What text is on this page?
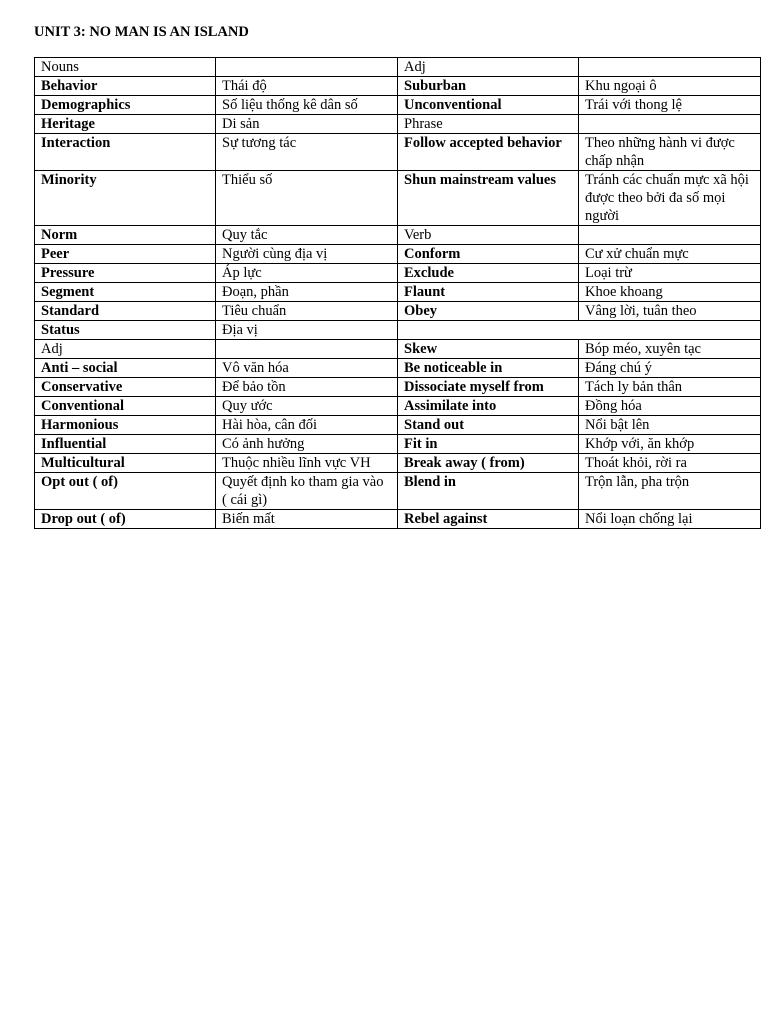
UNIT 3: NO MAN IS AN ISLAND
Nouns		Adj	
Behavior	Thái độ	Suburban	Khu ngoại ô
Demographics	Số liệu thống kê dân số	Unconventional	Trái với thong lệ
Heritage	Di sản	Phrase	
Interaction	Sự tương tác	Follow accepted behavior	Theo những hành vi được chấp nhận
Minority	Thiểu số	Shun mainstream values	Tránh các chuẩn mực xã hội được theo bởi đa số mọi người
Norm	Quy tắc	Verb	
Peer	Người cùng địa vị	Conform	Cư xử chuẩn mực
Pressure	Áp lực	Exclude	Loại trừ
Segment	Đoạn, phần	Flaunt	Khoe khoang
Standard	Tiêu chuẩn	Obey	Vâng lời, tuân theo
Status	Địa vị		
Adj		Skew	Bóp méo, xuyên tạc
Anti – social	Vô văn hóa	Be noticeable in	Đáng chú ý
Conservative	Để bảo tồn	Dissociate myself from	Tách ly bản thân
Conventional	Quy ước	Assimilate into	Đồng hóa
Harmonious	Hài hòa, cân đối	Stand out	Nổi bật lên
Influential	Có ảnh hưởng	Fit in	Khớp với, ăn khớp
Multicultural	Thuộc nhiều lĩnh vực VH	Break away ( from)	Thoát khỏi, rời ra
Opt out ( of)	Quyết định ko tham gia vào ( cái gì)	Blend in	Trộn lẫn, pha trộn
Drop out ( of)	Biến mất	Rebel against	Nổi loạn chống lại
